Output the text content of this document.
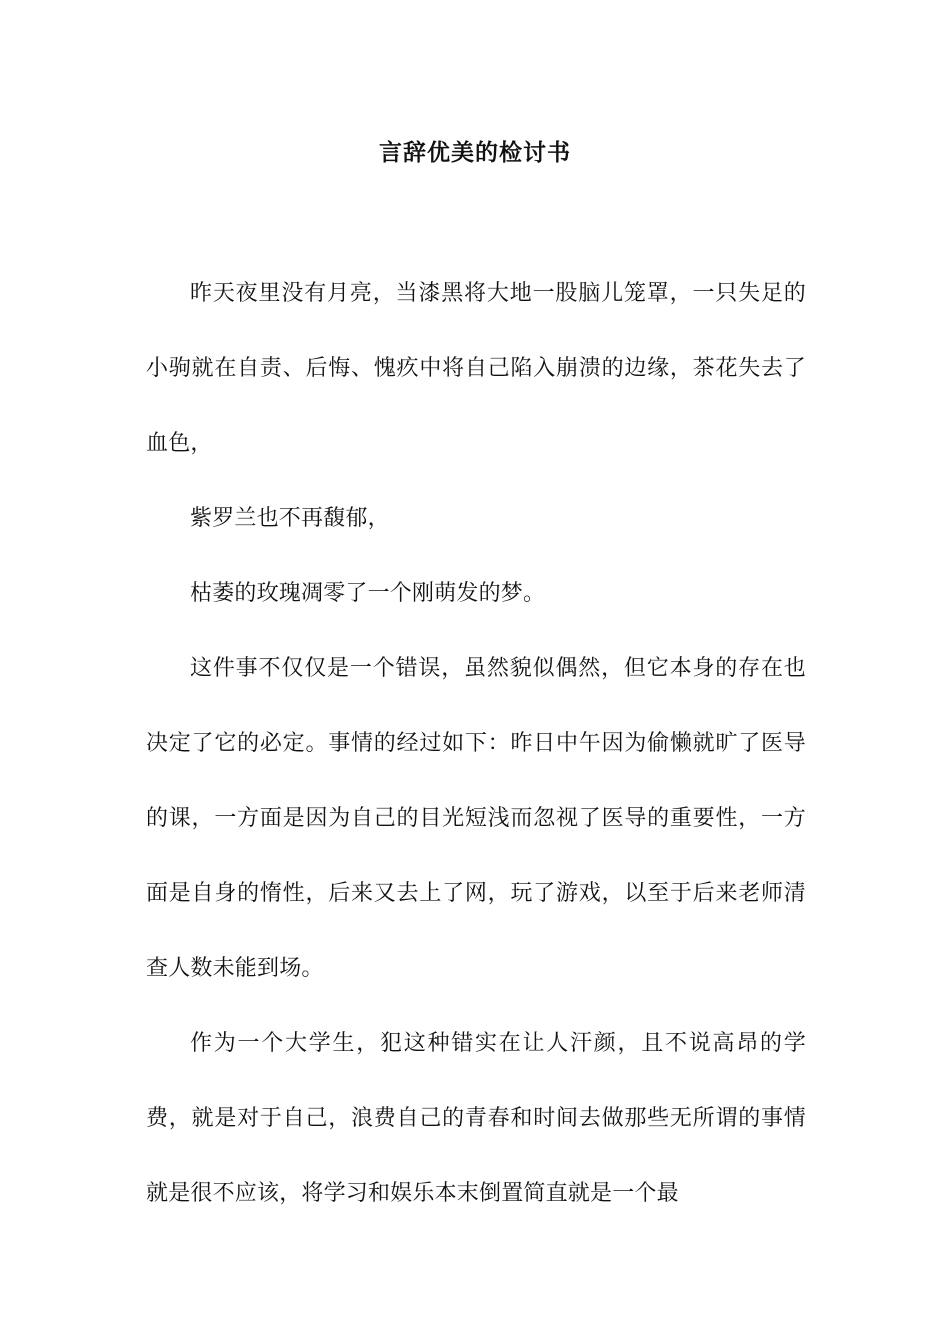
言辞优美的检讨书

昨天夜里没有月亮，当漆黑将大地一股脑儿笼罩，一只失足的小驹就在自责、后悔、愧疚中将自己陷入崩溃的边缘，茶花失去了血色，

紫罗兰也不再馥郁，

枯萎的玫瑰凋零了一个刚萌发的梦。

这件事不仅仅是一个错误，虽然貌似偶然，但它本身的存在也决定了它的必定。事情的经过如下：昨日中午因为偷懒就旷了医导的课，一方面是因为自己的目光短浅而忽视了医导的重要性，一方面是自身的惰性，后来又去上了网，玩了游戏，以至于后来老师清查人数未能到场。

作为一个大学生，犯这种错实在让人汗颜，且不说高昂的学费，就是对于自己，浪费自己的青春和时间去做那些无所谓的事情就是很不应该，将学习和娱乐本末倒置简直就是一个最
